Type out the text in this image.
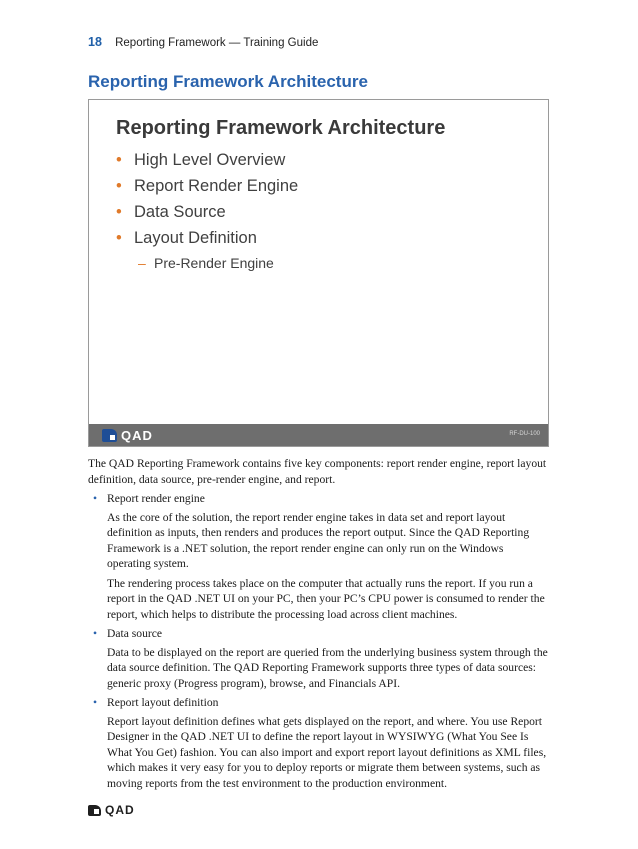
18 Reporting Framework — Training Guide
Reporting Framework Architecture
Reporting Framework Architecture
• High Level Overview
• Report Render Engine
• Data Source
• Layout Definition
– Pre-Render Engine
QAD	RF-DU-100

The QAD Reporting Framework contains five key components: report render engine, report layout definition, data source, pre-render engine, and report.

• Report render engine

As the core of the solution, the report render engine takes in data set and report layout definition as inputs, then renders and produces the report output. Since the QAD Reporting Framework is a .NET solution, the report render engine can only run on the Windows operating system.

The rendering process takes place on the computer that actually runs the report. If you run a report in the QAD .NET UI on your PC, then your PC’s CPU power is consumed to render the report, which helps to distribute the processing load across client machines.

• Data source

Data to be displayed on the report are queried from the underlying business system through the data source definition. The QAD Reporting Framework supports three types of data sources: generic proxy (Progress program), browse, and Financials API.

• Report layout definition

Report layout definition defines what gets displayed on the report, and where. You use Report Designer in the QAD .NET UI to define the report layout in WYSIWYG (What You See Is What You Get) fashion. You can also import and export report layout definitions as XML files, which makes it very easy for you to deploy reports or migrate them between systems, such as moving reports from the test environment to the production environment.

QAD
